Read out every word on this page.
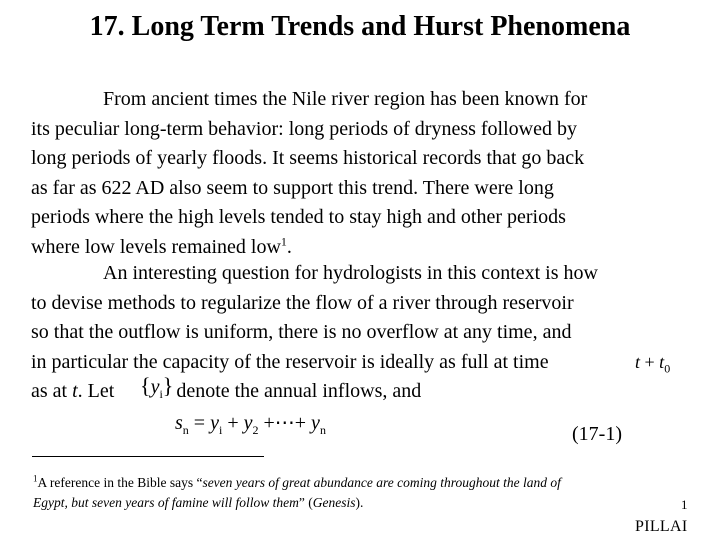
17. Long Term Trends and Hurst Phenomena
From ancient times the Nile river region has been known for
its peculiar long-term behavior: long periods of dryness followed by
long periods of yearly floods. It seems historical records that go back
as far as 622 AD also seem to support this trend. There were long
periods where the high levels tended to stay high and other periods
where low levels remained low$^1$.
An interesting question for hydrologists in this context is how
to devise methods to regularize the flow of a river through reservoir
so that the outflow is uniform, there is no overflow at any time, and
in particular the capacity of the reservoir is ideally as full at time
as at t. Let	denote the annual inflows, and
$t + t_0$
$\{y_i\}$
$s_n = y_i + y_2$ +⋯+ $y_n$	(17-1)
$^1$A reference in the Bible says “seven years of great abundance are coming throughout the land of
Egypt, but seven years of famine will follow them” (Genesis).	1
PILLAI
